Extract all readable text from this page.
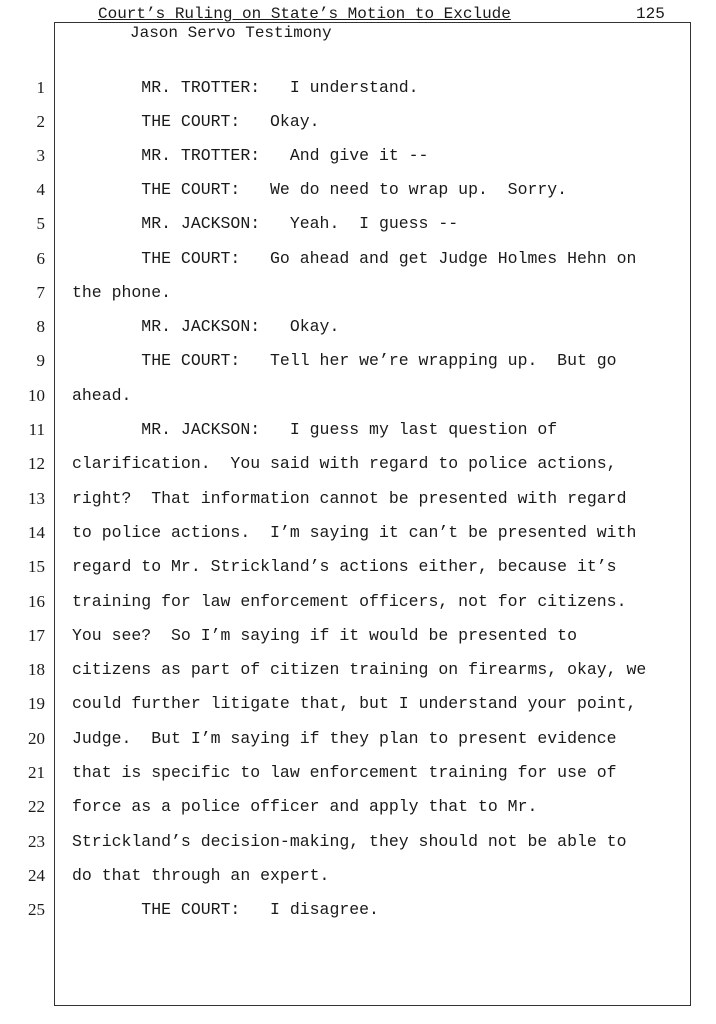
Court’s Ruling on State’s Motion to Exclude	125
Jason Servo Testimony
1 MR. TROTTER:   I understand.
2 THE COURT:   Okay.
3 MR. TROTTER:   And give it --
4 THE COURT:   We do need to wrap up.  Sorry.
5 MR. JACKSON:   Yeah.  I guess --
6 THE COURT:   Go ahead and get Judge Holmes Hehn on
7 the phone.
8 MR. JACKSON:   Okay.
9 THE COURT:   Tell her we’re wrapping up.  But go
10 ahead.
11 MR. JACKSON:   I guess my last question of
12 clarification.  You said with regard to police actions,
13 right?  That information cannot be presented with regard
14 to police actions.  I’m saying it can’t be presented with
15 regard to Mr. Strickland’s actions either, because it’s
16 training for law enforcement officers, not for citizens.
17 You see?  So I’m saying if it would be presented to
18 citizens as part of citizen training on firearms, okay, we
19 could further litigate that, but I understand your point,
20 Judge.  But I’m saying if they plan to present evidence
21 that is specific to law enforcement training for use of
22 force as a police officer and apply that to Mr.
23 Strickland’s decision-making, they should not be able to
24 do that through an expert.
25 THE COURT:   I disagree.
